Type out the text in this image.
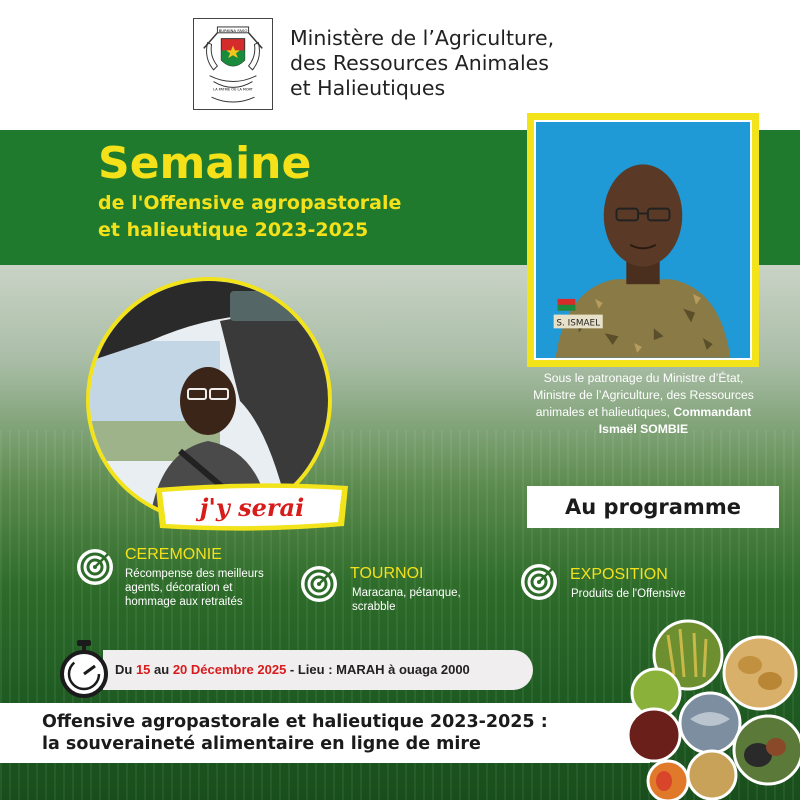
BURKINA FASO
LA PATRIE OU LA MORT
Ministère de l’Agriculture,
des Ressources Animales
et Halieutiques
Semaine
de l'Offensive agropastorale
et halieutique 2023-2025
S. ISMAEL
Sous le patronage du Ministre d’État,
Ministre de l’Agriculture, des Ressources
animales et halieutiques, Commandant
Ismaël SOMBIE
j'y serai	Au programme
CEREMONIE
Récompense des meilleurs
agents, décoration et
hommage aux retraités
TOURNOI
Maracana, pétanque,
scrabble
EXPOSITION
Produits de l'Offensive
Du 15 au 20 Décembre 2025 - Lieu : MARAH à ouaga 2000
Offensive agropastorale et halieutique 2023-2025 :
la souveraineté alimentaire en ligne de mire
